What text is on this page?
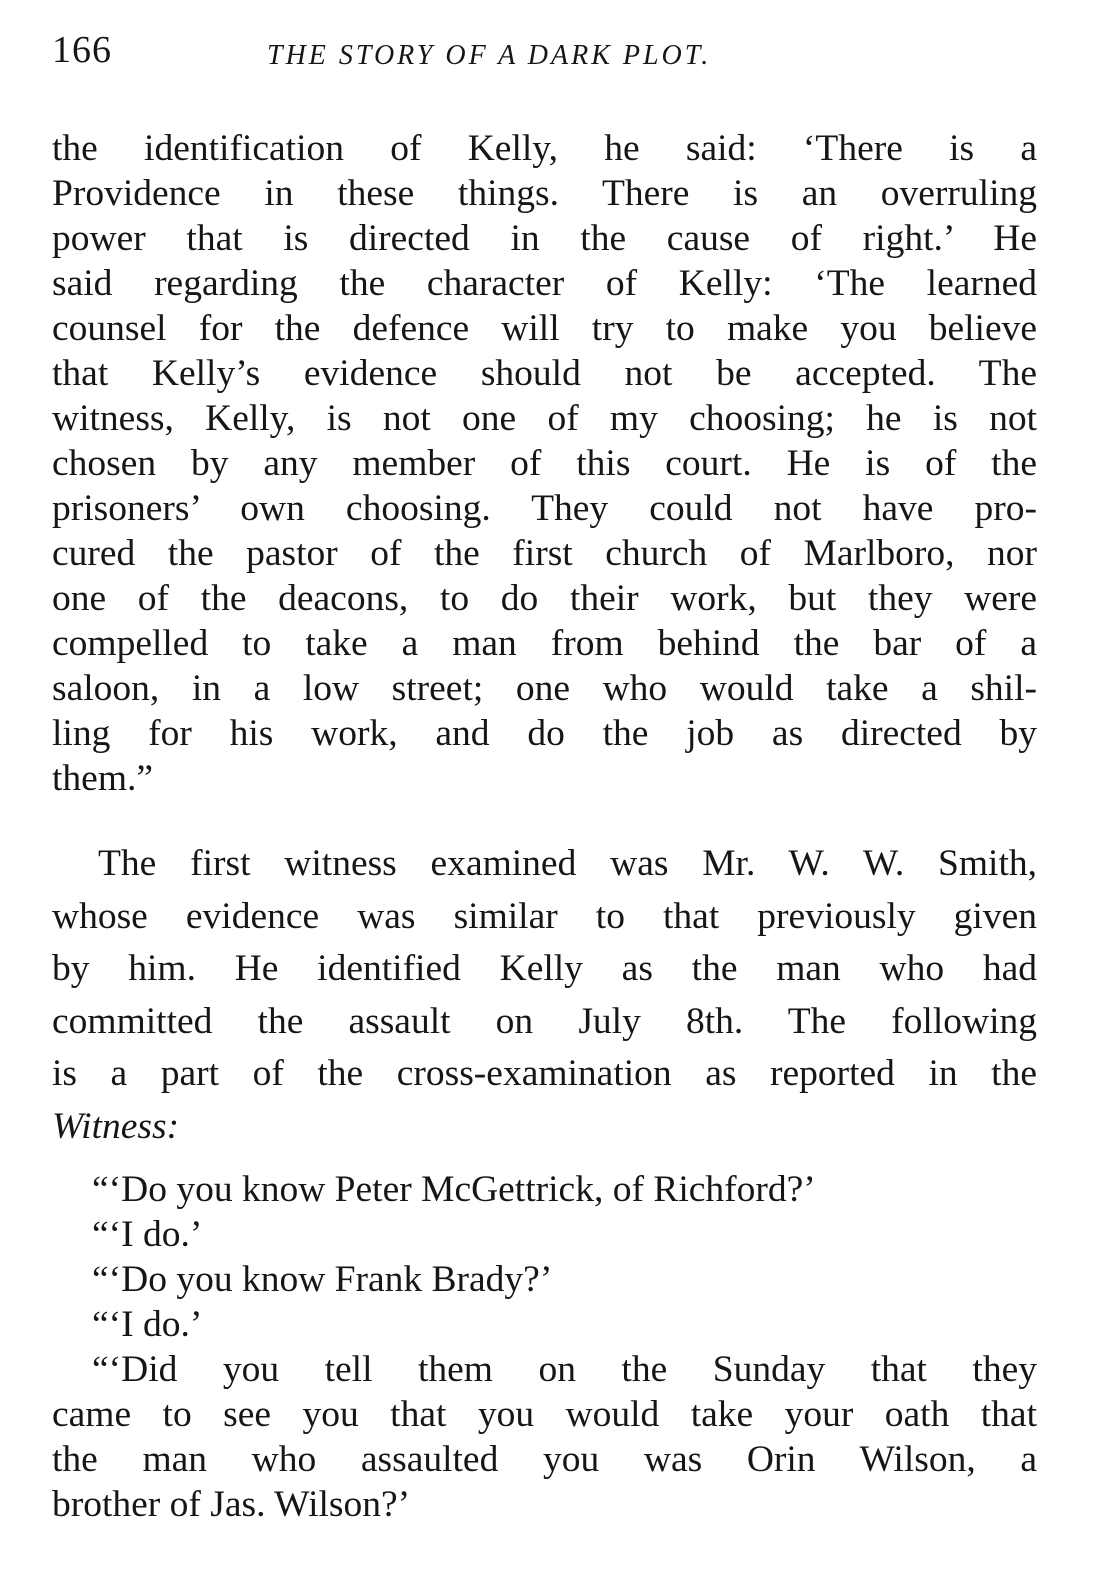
166	THE STORY OF A DARK PLOT.
the identification of Kelly, he said: ‘There is a
Providence in these things. There is an overruling
power that is directed in the cause of right.’ He
said regarding the character of Kelly: ‘The learned
counsel for the defence will try to make you believe
that Kelly’s evidence should not be accepted. The
witness, Kelly, is not one of my choosing; he is not
chosen by any member of this court. He is of the
prisoners’ own choosing. They could not have pro-
cured the pastor of the first church of Marlboro, nor
one of the deacons, to do their work, but they were
compelled to take a man from behind the bar of a
saloon, in a low street; one who would take a shil-
ling for his work, and do the job as directed by
them.”
The first witness examined was Mr. W. W. Smith,
whose evidence was similar to that previously given
by him. He identified Kelly as the man who had
committed the assault on July 8th. The following
is a part of the cross-examination as reported in the
Witness:
“‘Do you know Peter McGettrick, of Richford?’
“‘I do.’
“‘Do you know Frank Brady?’
“‘I do.’
“‘Did you tell them on the Sunday that they
came to see you that you would take your oath that
the man who assaulted you was Orin Wilson, a
brother of Jas. Wilson?’
